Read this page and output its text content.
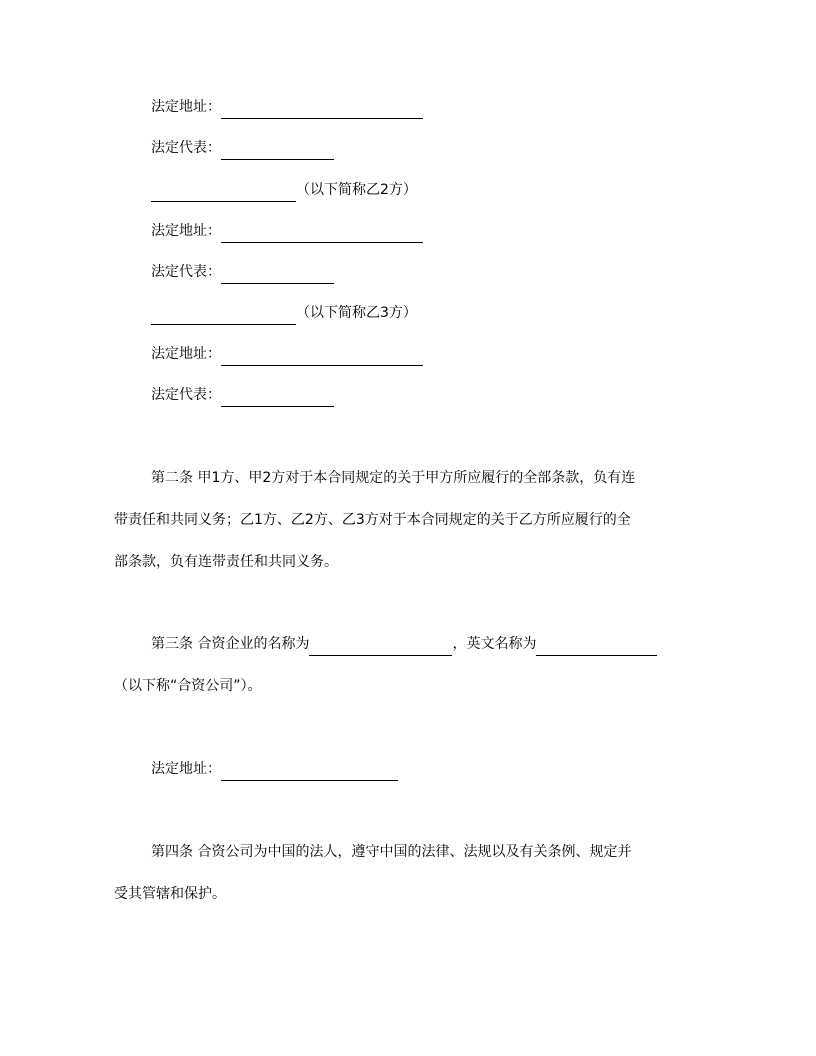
法定地址：
法定代表：
（以下简称乙2方）
法定地址：
法定代表：
（以下简称乙3方）
法定地址：
法定代表：
第二条 甲1方、甲2方对于本合同规定的关于甲方所应履行的全部条款，负有连
带责任和共同义务；乙1方、乙2方、乙3方对于本合同规定的关于乙方所应履行的全
部条款，负有连带责任和共同义务。
第三条 合资企业的名称为	，英文名称为
（以下称“合资公司”）。
法定地址：
第四条 合资公司为中国的法人，遵守中国的法律、法规以及有关条例、规定并
受其管辖和保护。
